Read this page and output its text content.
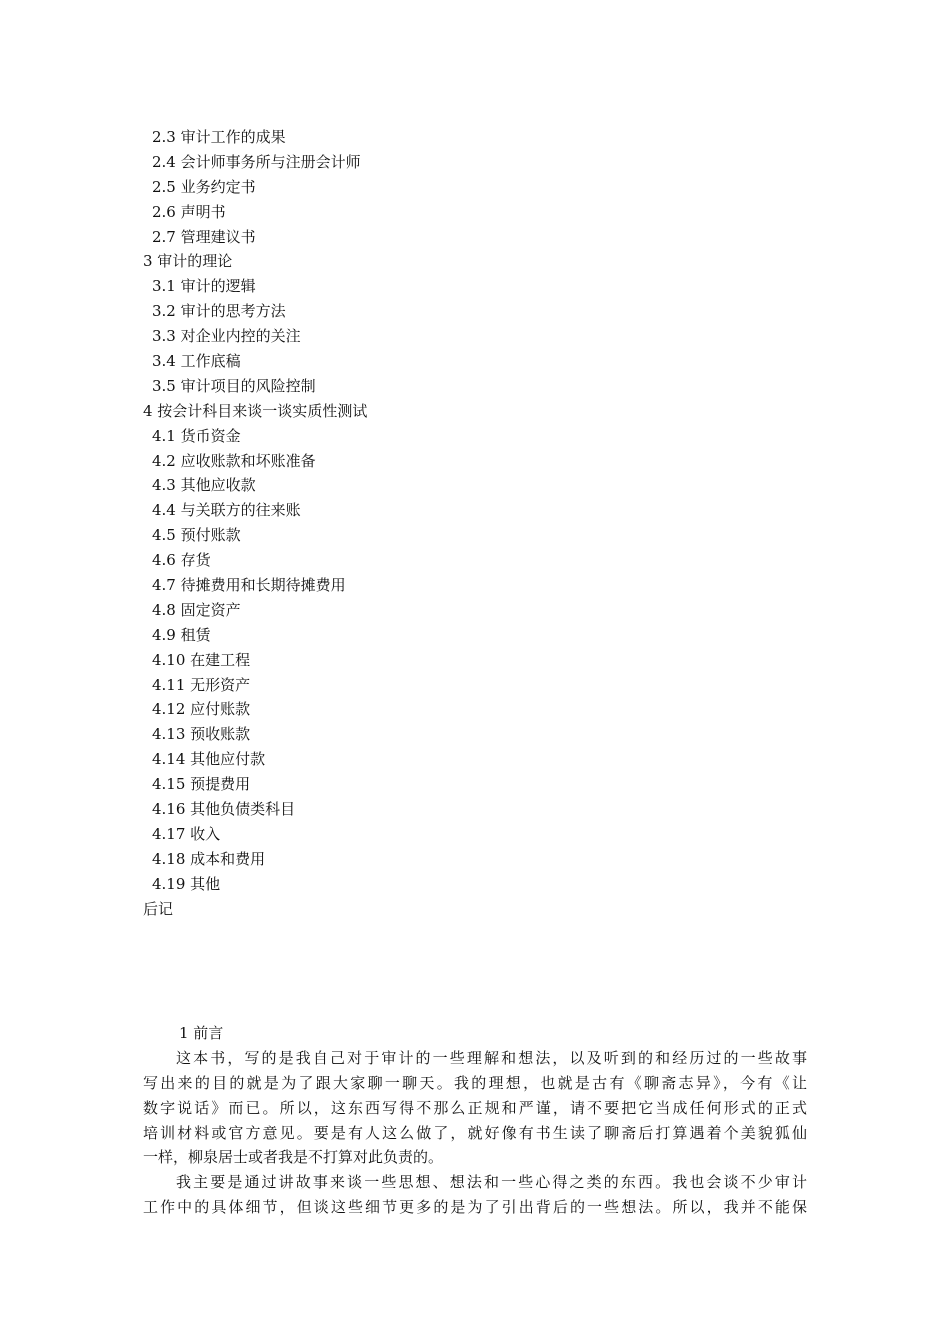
2.3 审计工作的成果
2.4 会计师事务所与注册会计师
2.5 业务约定书
2.6 声明书
2.7 管理建议书
3 审计的理论
3.1 审计的逻辑
3.2 审计的思考方法
3.3 对企业内控的关注
3.4 工作底稿
3.5 审计项目的风险控制
4 按会计科目来谈一谈实质性测试
4.1 货币资金
4.2 应收账款和坏账准备
4.3 其他应收款
4.4 与关联方的往来账
4.5 预付账款
4.6 存货
4.7 待摊费用和长期待摊费用
4.8 固定资产
4.9 租赁
4.10 在建工程
4.11 无形资产
4.12 应付账款
4.13 预收账款
4.14 其他应付款
4.15 预提费用
4.16 其他负债类科目
4.17 收入
4.18 成本和费用
4.19 其他
后记
1 前言

这本书，写的是我自己对于审计的一些理解和想法，以及听到的和经历过的一些故事
写出来的目的就是为了跟大家聊一聊天。我的理想，也就是古有《聊斋志异》，今有《让
数字说话》而已。所以，这东西写得不那么正规和严谨，请不要把它当成任何形式的正式
培训材料或官方意见。要是有人这么做了，就好像有书生读了聊斋后打算遇着个美貌狐仙
一样，柳泉居士或者我是不打算对此负责的。

我主要是通过讲故事来谈一些思想、想法和一些心得之类的东西。我也会谈不少审计
工作中的具体细节，但谈这些细节更多的是为了引出背后的一些想法。所以，我并不能保
